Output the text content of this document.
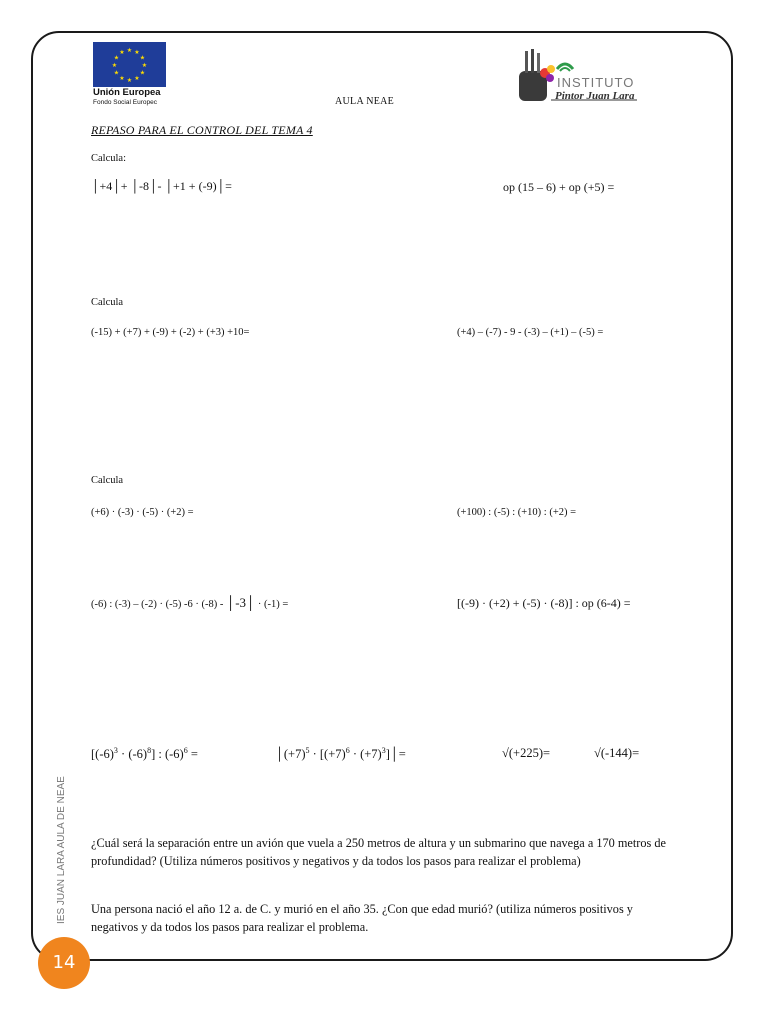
★ ★
★
★
★
★
★
★
★
★
★
★
Unión Europea
Fondo Social Europec
INSTITUTO
Pintor Juan Lara
AULA NEAE
REPASO PARA EL CONTROL DEL TEMA 4
Calcula:
│+4│+ │-8│- │+1 + (-9)│=	op (15 – 6) + op (+5) =
Calcula
(-15) + (+7) + (-9) + (-2) + (+3) +10=	(+4) – (-7) - 9 - (-3) – (+1) – (-5) =
Calcula
(+6) · (-3) · (-5) · (+2) =	(+100) : (-5) : (+10) : (+2) =
(-6) : (-3) – (-2) · (-5) -6 · (-8) - │-3│ · (-1) =	[(-9) · (+2) + (-5) · (-8)] : op (6-4) =
$[(-6)^3 \cdot (-6)^8]$ : $(-6)^6$ =	$│(+7)^5 \cdot [(+7)^6$ · $(+7)^3]│=$	√(+225)=	√(-144)=
¿Cuál será la separación entre un avión que vuela a 250 metros de altura y un submarino que navega a 170 metros de profundidad? (Utiliza números positivos y negativos y da todos los pasos para realizar el problema)
Una persona nació el año 12 a. de C. y murió en el año 35. ¿Con que edad murió? (utiliza números positivos y negativos y da todos los pasos para realizar el problema.
IES JUAN LARA AULA DE NEAE
14
